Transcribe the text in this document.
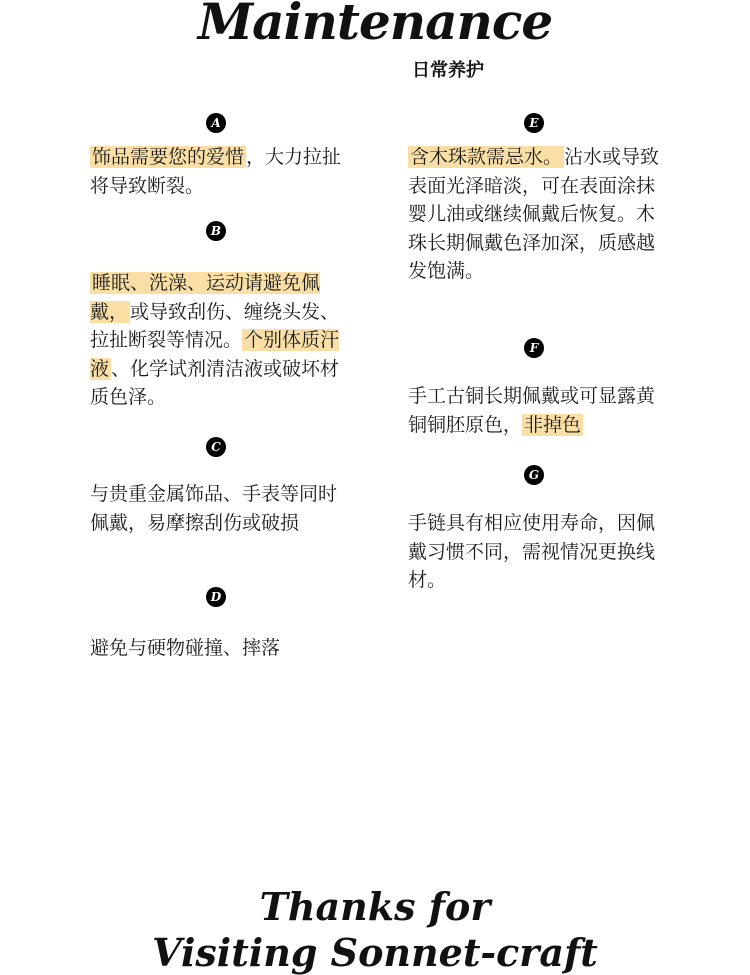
Maintenance
日常养护
A

饰品需要您的爱惜 ，大力拉扯将导致断裂。

B

睡眠、洗澡、运动请避免佩戴， 或导致刮伤、缠绕头发、拉扯断裂等情况。 个别体质汗液 、化学试剂清洁液或破坏材质色泽。

C

与贵重金属饰品、手表等同时佩戴，易摩擦刮伤或破损

D

避免与硬物碰撞、摔落

E

含木珠款需忌水。 沾水或导致表面光泽暗淡，可在表面涂抹婴儿油或继续佩戴后恢复。木珠长期佩戴色泽加深，质感越发饱满。

F

手工古铜长期佩戴或可显露黄铜铜胚原色， 非掉色

G

手链具有相应使用寿命，因佩戴习惯不同，需视情况更换线材。

Thanks for
Visiting Sonnet-craft
